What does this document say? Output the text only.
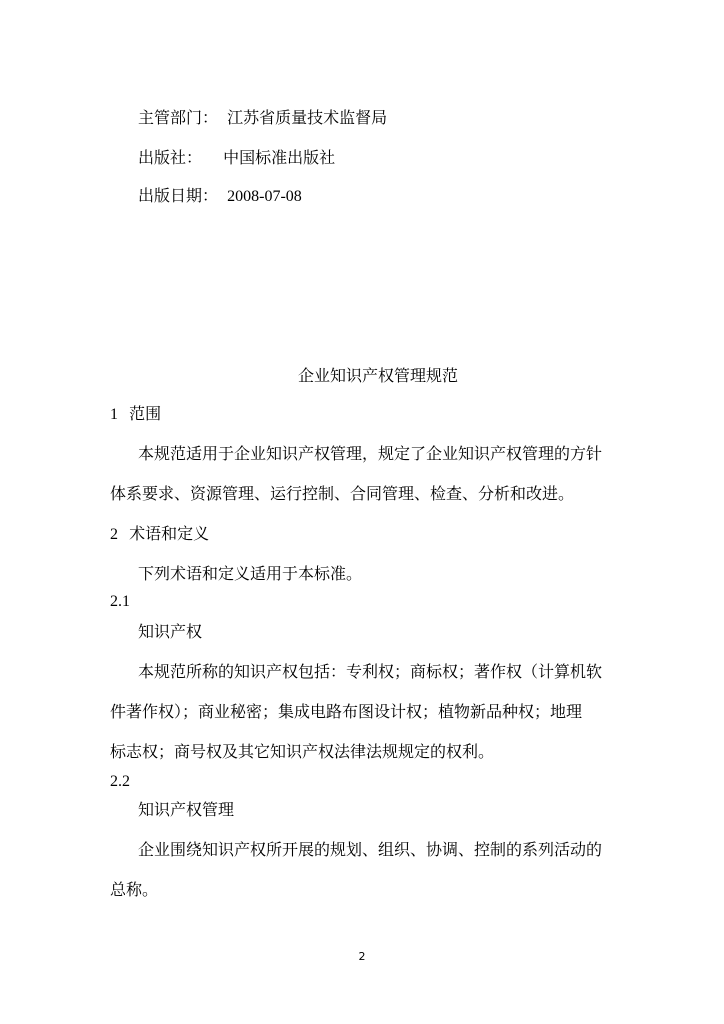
主管部门： 江苏省质量技术监督局
出版社： 中国标准出版社
出版日期： 2008-07-08
企业知识产权管理规范
1 范围
本规范适用于企业知识产权管理，规定了企业知识产权管理的方针
体系要求、资源管理、运行控制、合同管理、检查、分析和改进。
2 术语和定义
下列术语和定义适用于本标准。
2.1
知识产权
本规范所称的知识产权包括：专利权；商标权；著作权（计算机软
件著作权）；商业秘密；集成电路布图设计权；植物新品种权；地理
标志权；商号权及其它知识产权法律法规规定的权利。
2.2
知识产权管理
企业围绕知识产权所开展的规划、组织、协调、控制的系列活动的
总称。
2
